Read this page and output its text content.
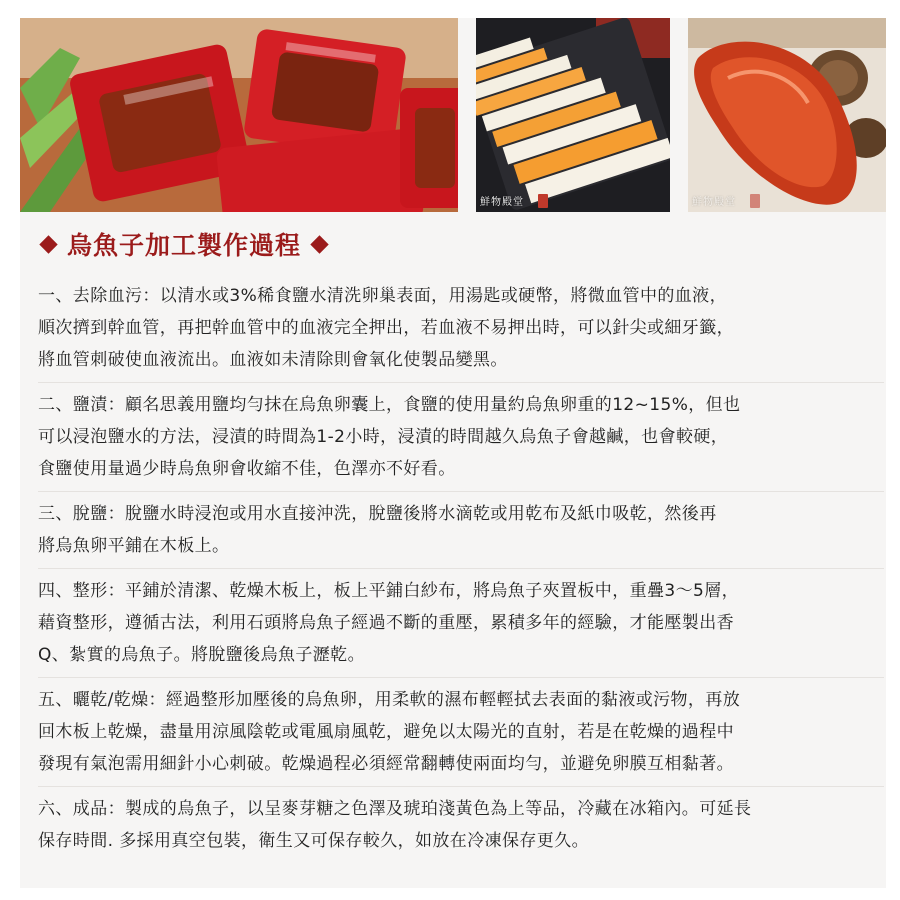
鮮物殿堂	鮮物殿堂
烏魚子加工製作過程

一、去除血污：以清水或3%稀食鹽水清洗卵巢表面，用湯匙或硬幣，將微血管中的血液，

順次擠到幹血管，再把幹血管中的血液完全押出，若血液不易押出時，可以針尖或細牙籤，

將血管刺破使血液流出。血液如未清除則會氧化使製品變黑。

二、鹽漬：顧名思義用鹽均勻抹在烏魚卵囊上，食鹽的使用量約烏魚卵重的12~15%，但也

可以浸泡鹽水的方法，浸漬的時間為1-2小時，浸漬的時間越久烏魚子會越鹹，也會較硬，

食鹽使用量過少時烏魚卵會收縮不佳，色澤亦不好看。

三、脫鹽：脫鹽水時浸泡或用水直接沖洗，脫鹽後將水滴乾或用乾布及紙巾吸乾，然後再

將烏魚卵平鋪在木板上。

四、整形：平鋪於清潔、乾燥木板上，板上平鋪白紗布，將烏魚子夾置板中，重疊3～5層，

藉資整形，遵循古法，利用石頭將烏魚子經過不斷的重壓，累積多年的經驗，才能壓製出香

Q、紮實的烏魚子。將脫鹽後烏魚子瀝乾。

五、曬乾/乾燥：經過整形加壓後的烏魚卵，用柔軟的濕布輕輕拭去表面的黏液或污物，再放

回木板上乾燥，盡量用涼風陰乾或電風扇風乾，避免以太陽光的直射，若是在乾燥的過程中

發現有氣泡需用細針小心刺破。乾燥過程必須經常翻轉使兩面均勻，並避免卵膜互相黏著。

六、成品：製成的烏魚子，以呈麥芽糖之色澤及琥珀淺黃色為上等品，冷藏在冰箱內。可延長

保存時間. 多採用真空包裝，衛生又可保存較久，如放在冷凍保存更久。
